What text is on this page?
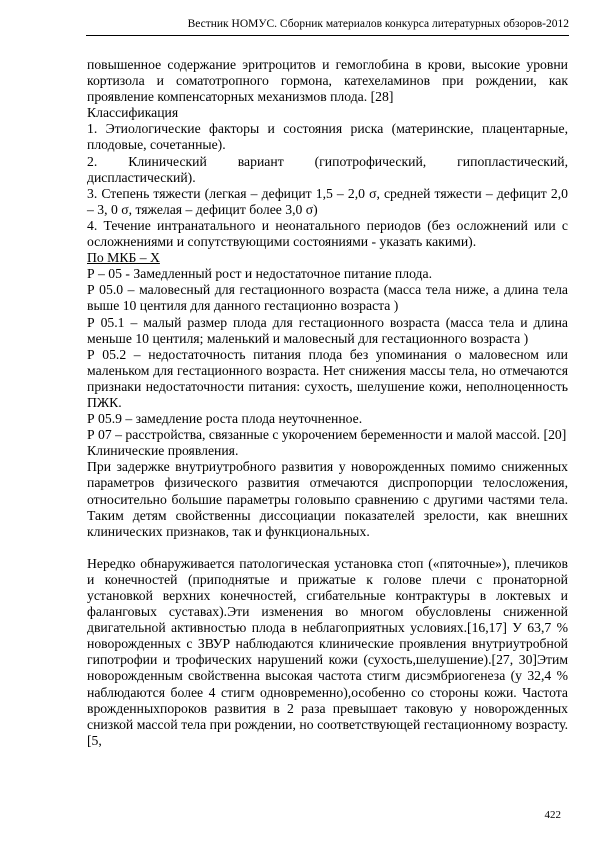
Вестник НОМУС. Сборник материалов конкурса литературных обзоров-2012

повышенное содержание эритроцитов и гемоглобина в крови, высокие уровни кортизола и соматотропного гормона, катехеламинов при рождении, как проявление компенсаторных механизмов плода. [28]

Классификация

1. Этиологические факторы и состояния риска (материнские, плацентарные, плодовые, сочетанные).

2. Клинический вариант (гипотрофический, гипопластический, диспластический).

3. Степень тяжести (легкая – дефицит 1,5 – 2,0 σ, средней тяжести – дефицит 2,0 – 3, 0 σ, тяжелая – дефицит более 3,0 σ)

4. Течение интранатального и неонатального периодов (без осложнений или с осложнениями и сопутствующими состояниями - указать какими).

По МКБ – X

Р – 05 - Замедленный рост и недостаточное питание плода.

Р 05.0 – маловесный для гестационного возраста (масса тела ниже, а длина тела выше 10 центиля для данного гестационно возраста )

Р 05.1 – малый размер плода для гестационного возраста (масса тела и длина меньше 10 центиля; маленький и маловесный для гестационного возраста )

Р 05.2 – недостаточность питания плода без упоминания о маловесном или маленьком для гестационного возраста. Нет снижения массы тела, но отмечаются признаки недостаточности питания: сухость, шелушение кожи, неполноценность ПЖК.

Р 05.9 – замедление роста плода неуточненное.

Р 07 – расстройства, связанные с укорочением беременности и малой массой. [20]

Клинические проявления.

При задержке внутриутробного развития у новорожденных помимо сниженных параметров физического развития отмечаются диспропорции телосложения, относительно большие параметры головыпо сравнению с другими частями тела. Таким детям свойственны диссоциации показателей зрелости, как внешних клинических признаков, так и функциональных.

Нередко обнаруживается патологическая установка стоп («пяточные»), плечиков и конечностей (приподнятые и прижатые к голове плечи с пронаторной установкой верхних конечностей, сгибательные контрактуры в локтевых и фаланговых суставах).Эти изменения во многом обусловлены сниженной двигательной активностью плода в неблагоприятных условиях.[16,17] У 63,7 % новорожденных с ЗВУР наблюдаются клинические проявления внутриутробной гипотрофии и трофических нарушений кожи (сухость,шелушение).[27, 30]Этим новорожденным свойственна высокая частота стигм дисэмбриогенеза (у 32,4 % наблюдаются более 4 стигм одновременно),особенно со стороны кожи. Частота врожденныхпороков развития в 2 раза превышает таковую у новорожденных снизкой массой тела при рождении, но соответствующей гестационному возрасту. [5,

422
